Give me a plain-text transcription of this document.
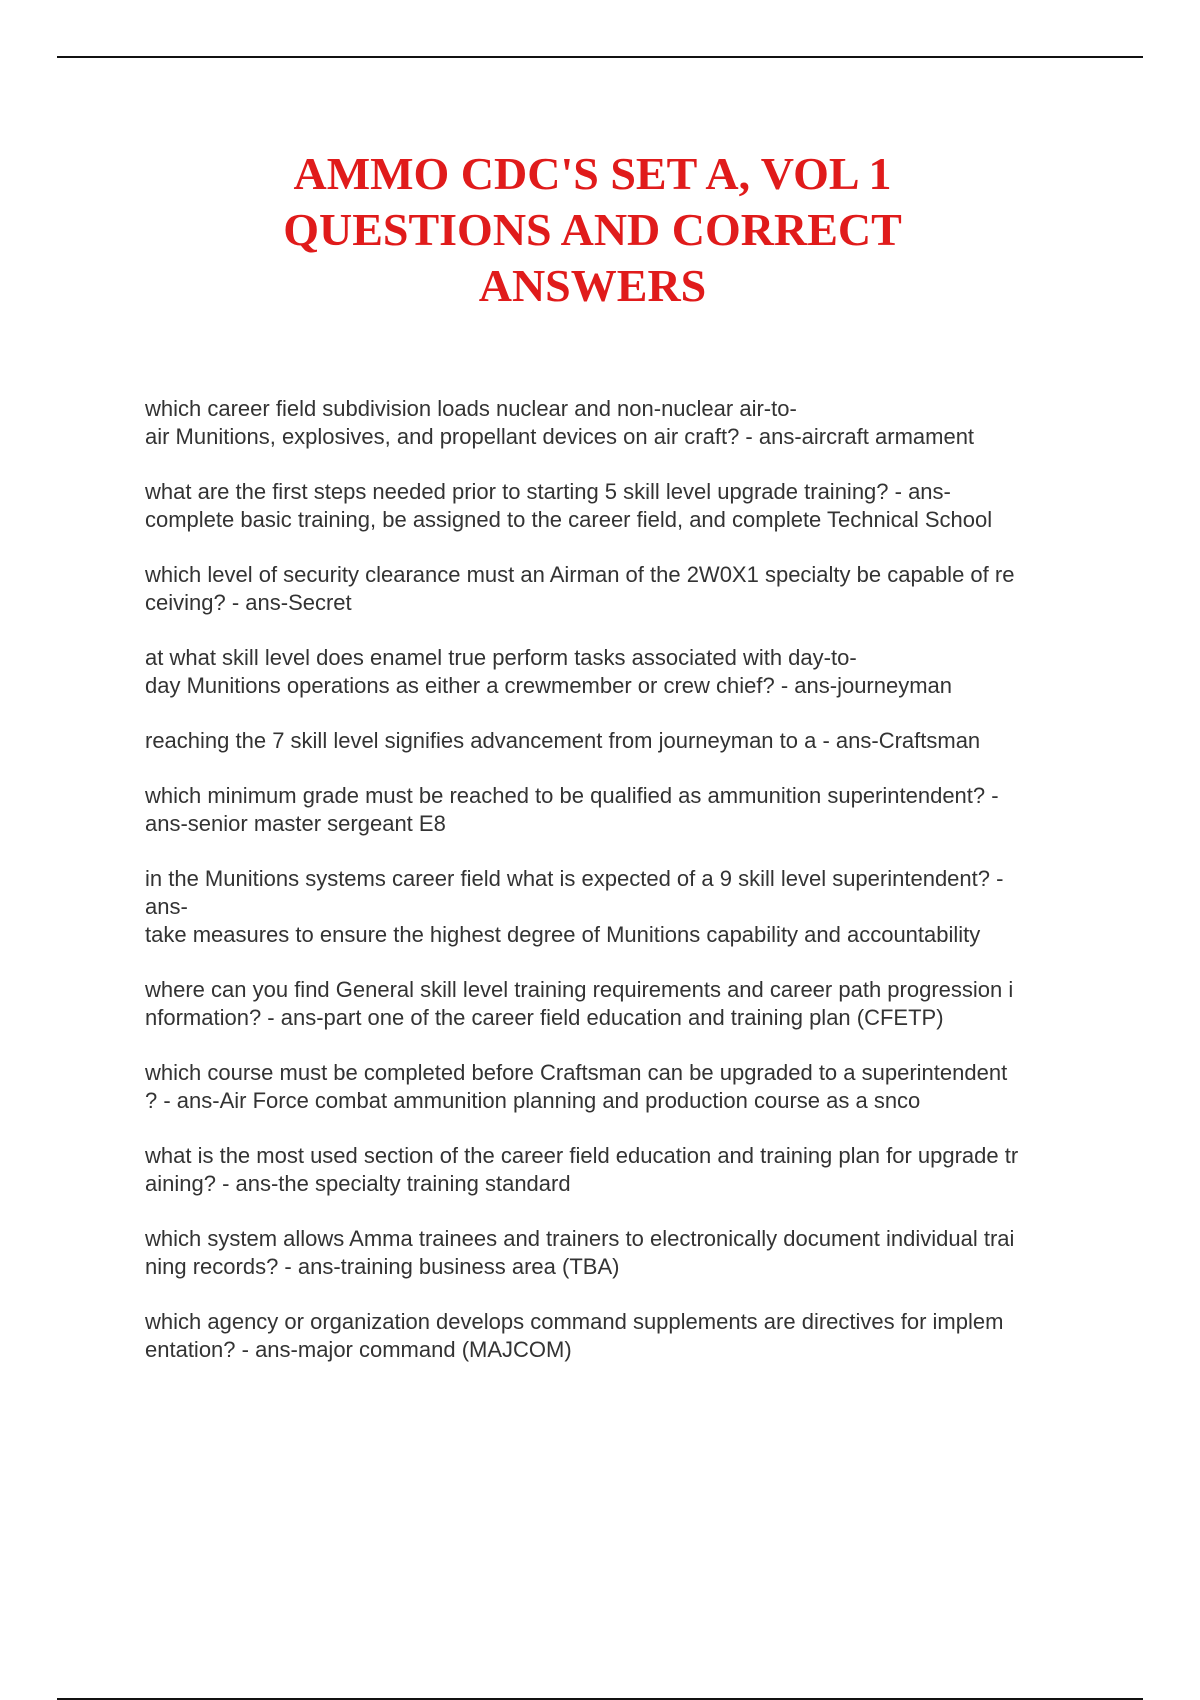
AMMO CDC'S SET A, VOL 1
QUESTIONS AND CORRECT
ANSWERS

which career field subdivision loads nuclear and non-nuclear air-to-
air Munitions, explosives, and propellant devices on air craft? - ans-aircraft armament

what are the first steps needed prior to starting 5 skill level upgrade training? - ans-
complete basic training, be assigned to the career field, and complete Technical School

which level of security clearance must an Airman of the 2W0X1 specialty be capable of re
ceiving? - ans-Secret

at what skill level does enamel true perform tasks associated with day-to-
day Munitions operations as either a crewmember or crew chief? - ans-journeyman

reaching the 7 skill level signifies advancement from journeyman to a - ans-Craftsman

which minimum grade must be reached to be qualified as ammunition superintendent? -
ans-senior master sergeant E8

in the Munitions systems career field what is expected of a 9 skill level superintendent? -
ans-
take measures to ensure the highest degree of Munitions capability and accountability

where can you find General skill level training requirements and career path progression i
nformation? - ans-part one of the career field education and training plan (CFETP)

which course must be completed before Craftsman can be upgraded to a superintendent
? - ans-Air Force combat ammunition planning and production course as a snco

what is the most used section of the career field education and training plan for upgrade tr
aining? - ans-the specialty training standard

which system allows Amma trainees and trainers to electronically document individual trai
ning records? - ans-training business area (TBA)

which agency or organization develops command supplements are directives for implem
entation? - ans-major command (MAJCOM)
